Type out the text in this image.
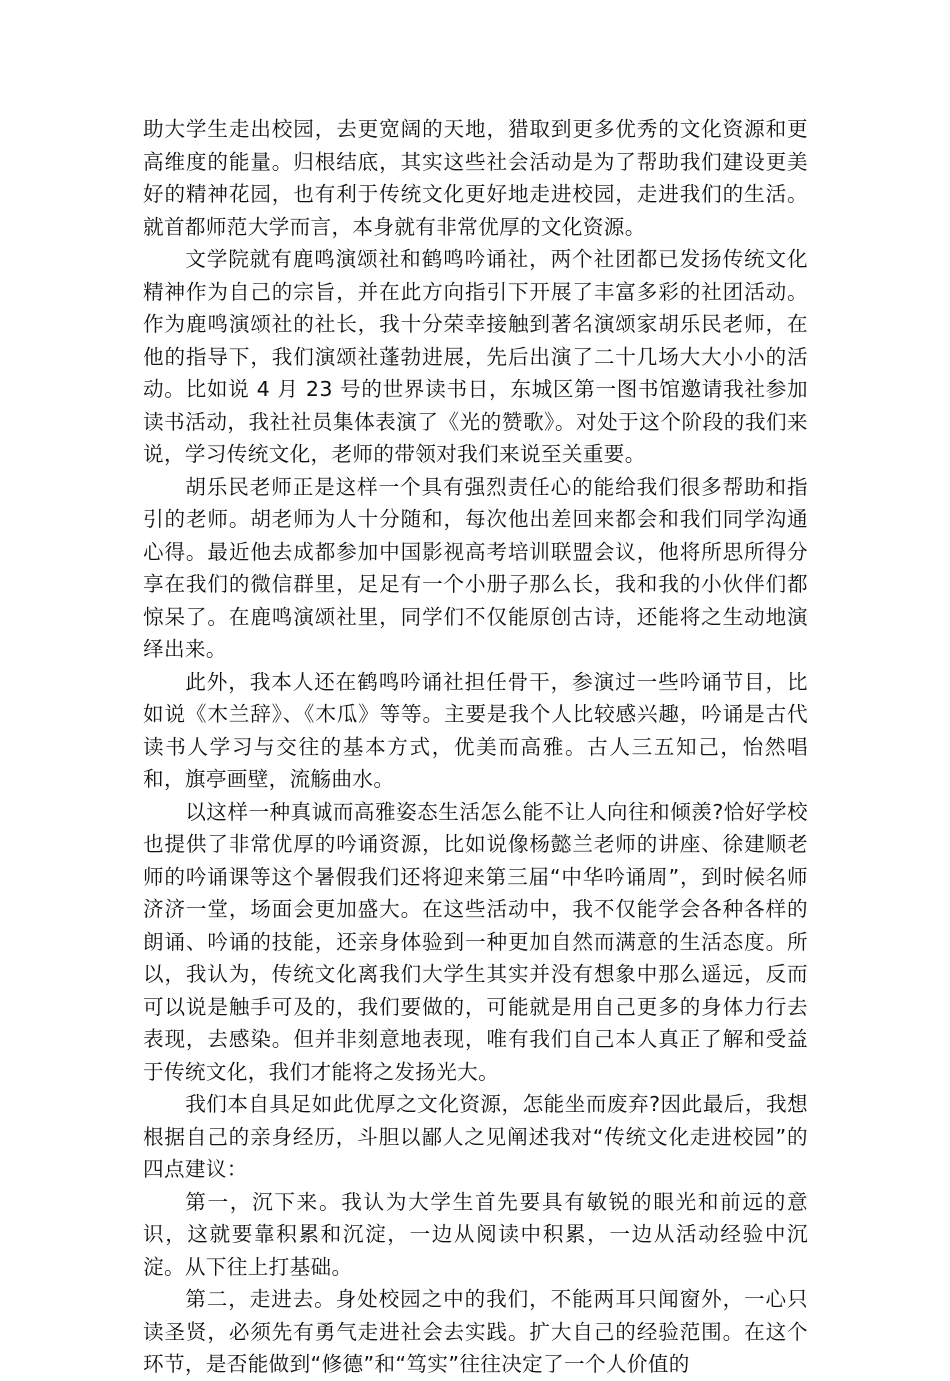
助大学生走出校园，去更宽阔的天地，猎取到更多优秀的文化资源和更高维度的能量。归根结底，其实这些社会活动是为了帮助我们建设更美好的精神花园，也有利于传统文化更好地走进校园，走进我们的生活。就首都师范大学而言，本身就有非常优厚的文化资源。

文学院就有鹿鸣演颂社和鹤鸣吟诵社，两个社团都已发扬传统文化精神作为自己的宗旨，并在此方向指引下开展了丰富多彩的社团活动。作为鹿鸣演颂社的社长，我十分荣幸接触到著名演颂家胡乐民老师，在他的指导下，我们演颂社蓬勃进展，先后出演了二十几场大大小小的活动。比如说 4 月 23 号的世界读书日，东城区第一图书馆邀请我社参加读书活动，我社社员集体表演了《光的赞歌》。对处于这个阶段的我们来说，学习传统文化，老师的带领对我们来说至关重要。

胡乐民老师正是这样一个具有强烈责任心的能给我们很多帮助和指引的老师。胡老师为人十分随和，每次他出差回来都会和我们同学沟通心得。最近他去成都参加中国影视高考培训联盟会议，他将所思所得分享在我们的微信群里，足足有一个小册子那么长，我和我的小伙伴们都惊呆了。在鹿鸣演颂社里，同学们不仅能原创古诗，还能将之生动地演绎出来。

此外，我本人还在鹤鸣吟诵社担任骨干，参演过一些吟诵节目，比如说《木兰辞》、《木瓜》等等。主要是我个人比较感兴趣，吟诵是古代读书人学习与交往的基本方式，优美而高雅。古人三五知己，怡然唱和，旗亭画壁，流觞曲水。

以这样一种真诚而高雅姿态生活怎么能不让人向往和倾羡?恰好学校也提供了非常优厚的吟诵资源，比如说像杨懿兰老师的讲座、徐建顺老师的吟诵课等这个暑假我们还将迎来第三届“中华吟诵周”，到时候名师济济一堂，场面会更加盛大。在这些活动中，我不仅能学会各种各样的朗诵、吟诵的技能，还亲身体验到一种更加自然而满意的生活态度。所以，我认为，传统文化离我们大学生其实并没有想象中那么遥远，反而可以说是触手可及的，我们要做的，可能就是用自己更多的身体力行去表现，去感染。但并非刻意地表现，唯有我们自己本人真正了解和受益于传统文化，我们才能将之发扬光大。

我们本自具足如此优厚之文化资源，怎能坐而废弃?因此最后，我想根据自己的亲身经历，斗胆以鄙人之见阐述我对“传统文化走进校园”的四点建议：

第一，沉下来。我认为大学生首先要具有敏锐的眼光和前远的意识，这就要靠积累和沉淀，一边从阅读中积累，一边从活动经验中沉淀。从下往上打基础。

第二，走进去。身处校园之中的我们，不能两耳只闻窗外，一心只读圣贤，必须先有勇气走进社会去实践。扩大自己的经验范围。在这个环节，是否能做到“修德”和“笃实”往往决定了一个人价值的
